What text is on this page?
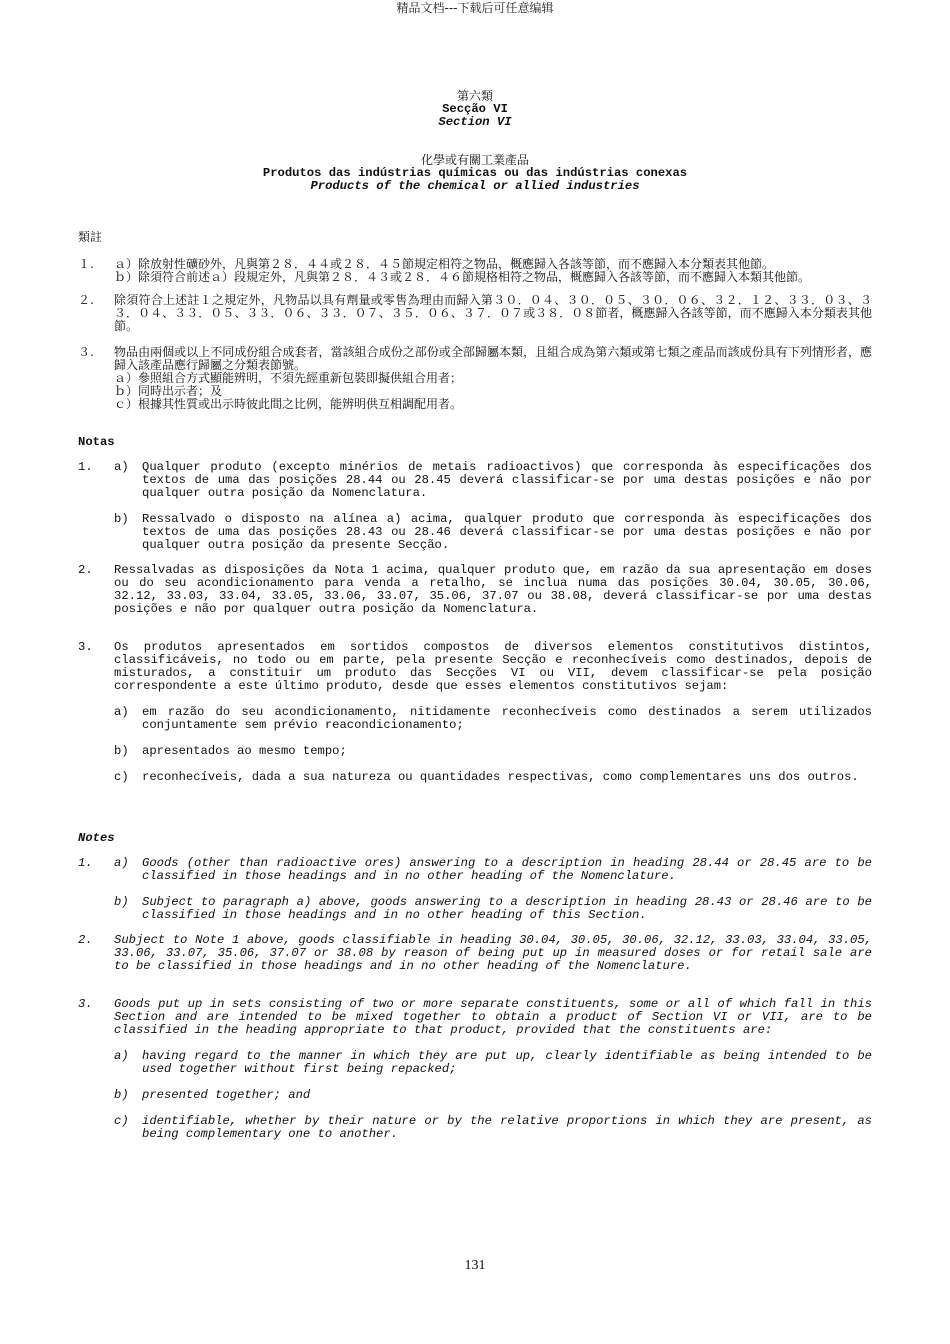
精品文档---下载后可任意编辑

第六類

Secção VI

Section VI

化學或有關工業產品

Produtos das indústrias químicas ou das indústrias conexas

Products of the chemical or allied industries

類註
１.	ａ）除放射性礦砂外，凡與第２８．４４或２８．４５節規定相符之物品，概應歸入各該等節，而不應歸入本分類表其他節。

ｂ）除須符合前述ａ）段規定外，凡與第２８．４３或２８．４６節規格相符之物品，概應歸入各該等節，而不應歸入本類其他節。

２.	除須符合上述註１之規定外，凡物品以具有劑量或零售為理由而歸入第３０．０４、３０．０５、３０．０６、３２．１２、３３．０３、３３．０４、３３．０５、３３．０６、３３．０７、３５．０６、３７．０７或３８．０８節者，概應歸入各該等節，而不應歸入本分類表其他節。

３.	物品由兩個或以上不同成份組合成套者，當該組合成份之部份或全部歸屬本類，且組合成為第六類或第七類之產品而該成份具有下列情形者，應歸入該產品應行歸屬之分類表節號。

ａ）參照組合方式顯能辨明，不須先經重新包裝即擬供組合用者；

ｂ）同時出示者；及

ｃ）根據其性質或出示時彼此間之比例，能辨明供互相調配用者。

Notas
1.	a)	Qualquer produto (excepto minérios de metais radioactivos) que corresponda às especificações dos textos de uma das posições 28.44 ou 28.45 deverá classificar-se por uma destas posições e não por qualquer outra posição da Nomenclatura.

b)	Ressalvado o disposto na alínea a) acima, qualquer produto que corresponda às especificações dos textos de uma das posições 28.43 ou 28.46 deverá classificar-se por uma destas posições e não por qualquer outra posição da presente Secção.

2.	Ressalvadas as disposições da Nota 1 acima, qualquer produto que, em razão da sua apresentação em doses ou do seu acondicionamento para venda a retalho, se inclua numa das posições 30.04, 30.05, 30.06, 32.12, 33.03, 33.04, 33.05, 33.06, 33.07, 35.06, 37.07 ou 38.08, deverá classificar-se por uma destas posições e não por qualquer outra posição da Nomenclatura.

3.	Os produtos apresentados em sortidos compostos de diversos elementos constitutivos distintos, classificáveis, no todo ou em parte, pela presente Secção e reconhecíveis como destinados, depois de misturados, a constituir um produto das Secções VI ou VII, devem classificar-se pela posição correspondente a este último produto, desde que esses elementos constitutivos sejam:

a)	em razão do seu acondicionamento, nitidamente reconhecíveis como destinados a serem utilizados conjuntamente sem prévio reacondicionamento;

b)	apresentados ao mesmo tempo;

c)	reconhecíveis, dada a sua natureza ou quantidades respectivas, como complementares uns dos outros.

Notes
1.	a)	Goods (other than radioactive ores) answering to a description in heading 28.44 or 28.45 are to be classified in those headings and in no other heading of the Nomenclature.

b)	Subject to paragraph a) above, goods answering to a description in heading 28.43 or 28.46 are to be classified in those headings and in no other heading of this Section.

2.	Subject to Note 1 above, goods classifiable in heading 30.04, 30.05, 30.06, 32.12, 33.03, 33.04, 33.05, 33.06, 33.07, 35.06, 37.07 or 38.08 by reason of being put up in measured doses or for retail sale are to be classified in those headings and in no other heading of the Nomenclature.

3.	Goods put up in sets consisting of two or more separate constituents, some or all of which fall in this Section and are intended to be mixed together to obtain a product of Section VI or VII, are to be classified in the heading appropriate to that product, provided that the constituents are:

a)	having regard to the manner in which they are put up, clearly identifiable as being intended to be used together without first being repacked;

b)	presented together; and

c)	identifiable, whether by their nature or by the relative proportions in which they are present, as being complementary one to another.

131
